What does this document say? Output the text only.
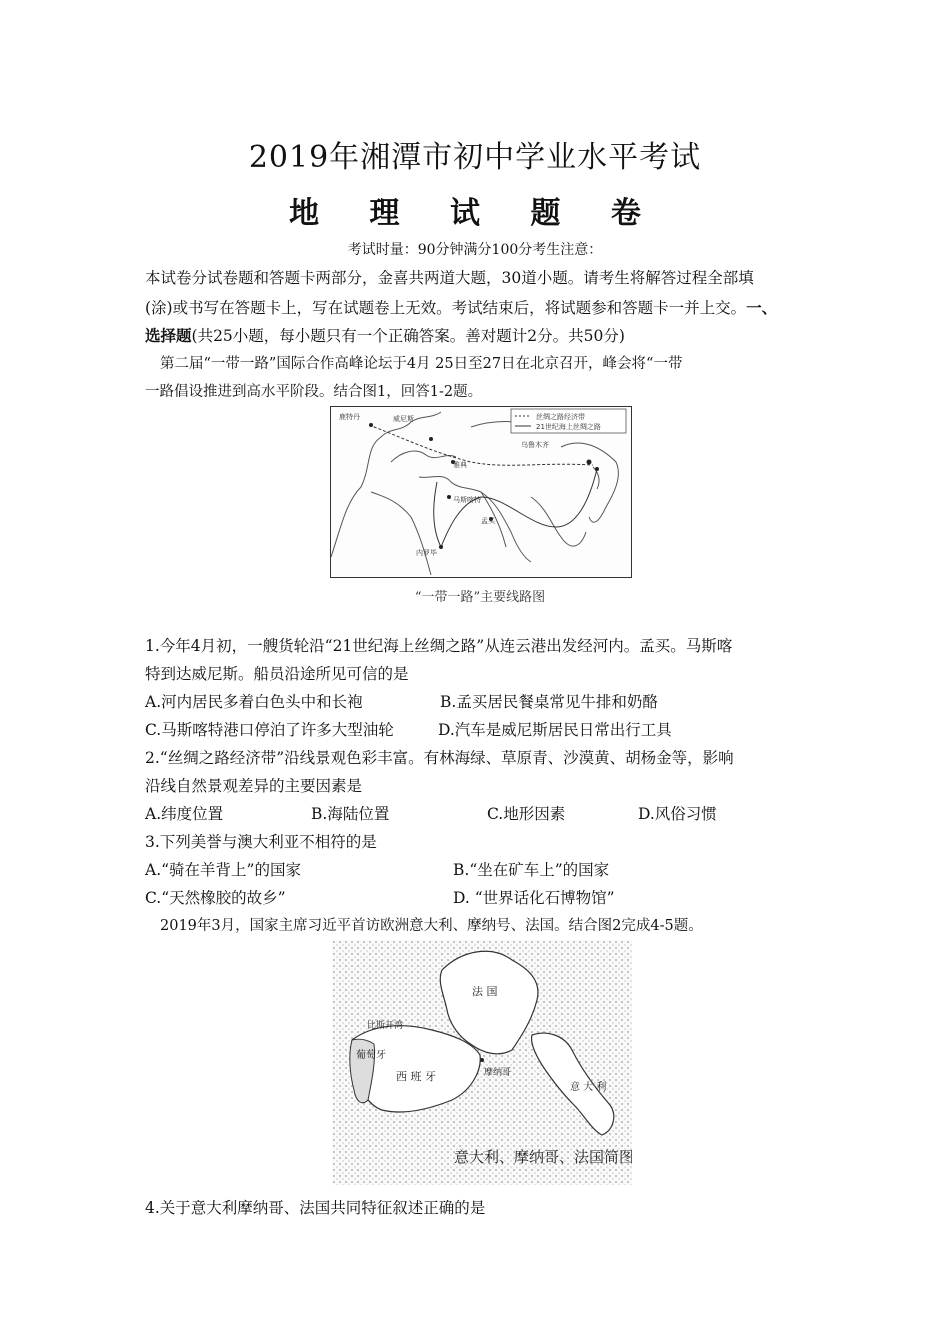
2019年湘潭市初中学业水平考试
地 理 试 题 卷
考试时量：90分钟满分100分考生注意：
本试卷分试卷题和答题卡两部分，金喜共两道大题，30道小题。请考生将解答过程全部填
(涂)或书写在答题卡上，写在试题卷上无效。考试结束后，将试题参和答题卡一并上交。一、
选择题(共25小题，每小题只有一个正确答案。善对题计2分。共50分)
第二届“一带一路”国际合作高峰论坛于4月 25日至27日在北京召开，峰会将“一带
一路倡设推进到高水平阶段。结合图1，回答1-2题。
丝绸之路经济带
21世纪海上丝绸之路
鹿特丹	威尼斯
雅典
马斯喀特
孟买
内罗毕
乌鲁木齐
“一带一路”主要线路图
1.今年4月初，一艘货轮沿“21世纪海上丝绸之路”从连云港出发经河内。孟买。马斯喀
特到达威尼斯。船员沿途所见可信的是
A.河内居民多着白色头中和长袍	B.孟买居民餐桌常见牛排和奶酪
C.马斯喀特港口停泊了许多大型油轮	D.汽车是威尼斯居民日常出行工具
2.“丝绸之路经济带”沿线景观色彩丰富。有林海绿、草原青、沙漠黄、胡杨金等，影响
沿线自然景观差异的主要因素是
A.纬度位置	B.海陆位置	C.地形因素	D.风俗习惯
3.下列美誉与澳大利亚不相符的是
A.“骑在羊背上”的国家	B.“坐在矿车上”的国家
C.“天然橡胶的故乡”	D. “世界话化石博物馆”
2019年3月，国家主席习近平首访欧洲意大利、摩纳号、法国。结合图2完成4-5题。
意大利、摩纳哥、法国简图
比斯开湾
法 国
葡萄牙
西 班 牙	摩纳哥
意 大 利
4.关于意大利摩纳哥、法国共同特征叙述正确的是
